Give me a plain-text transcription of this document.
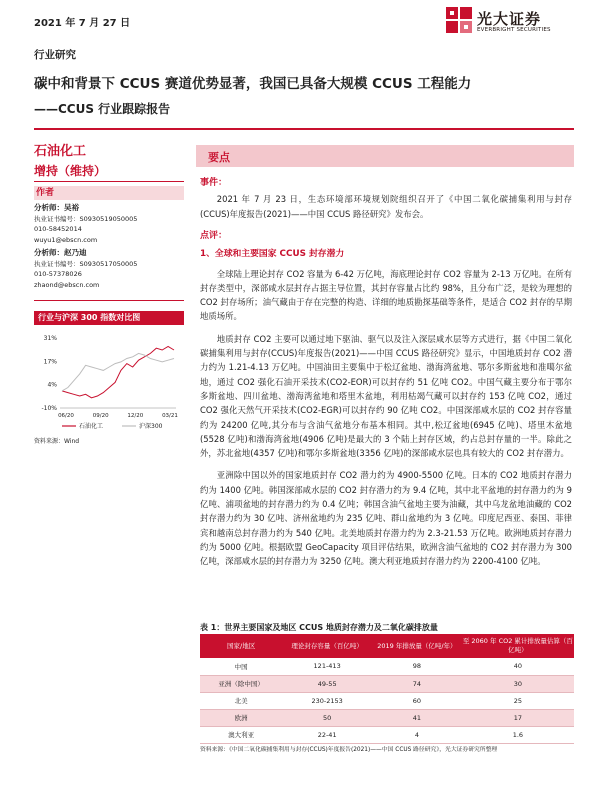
2021 年 7 月 27 日	光大证券
EVERBRIGHT SECURITIES
行业研究
碳中和背景下 CCUS 赛道优势显著，我国已具备大规模 CCUS 工程能力
——CCUS 行业跟踪报告
石油化工
增持（维持）
作者
分析师：吴裕
执业证书编号：S0930519050005
010-58452014
wuyu1@ebscn.com
分析师：赵乃迪
执业证书编号：S0930517050005
010-57378026
zhaond@ebscn.com
行业与沪深 300 指数对比图
-10%
4%
17%
31%
06/20	09/20	12/20	03/21
石油化工	沪深300
资料来源：Wind
要点
事件：

2021 年 7 月 23 日，生态环境部环境规划院组织召开了《中国二氧化碳捕集利用与封存(CCUS)年度报告(2021)——中国 CCUS 路径研究》发布会。

点评：
1、全球和主要国家 CCUS 封存潜力

全球陆上理论封存 CO2 容量为 6-42 万亿吨，海底理论封存 CO2 容量为 2-13 万亿吨。在所有封存类型中，深部咸水层封存占据主导位置，其封存容量占比约 98%，且分布广泛，是较为理想的 CO2 封存场所；油气藏由于存在完整的构造、详细的地质勘探基础等条件，是适合 CO2 封存的早期地质场所。

地质封存 CO2 主要可以通过地下驱油、驱气以及注入深层咸水层等方式进行，据《中国二氧化碳捕集利用与封存(CCUS)年度报告(2021)——中国 CCUS 路径研究》显示，中国地质封存 CO2 潜力约为 1.21-4.13 万亿吨。中国油田主要集中于松辽盆地、渤海湾盆地、鄂尔多斯盆地和准噶尔盆地，通过 CO2 强化石油开采技术(CO2-EOR)可以封存约 51 亿吨 CO2。中国气藏主要分布于鄂尔多斯盆地、四川盆地、渤海湾盆地和塔里木盆地，利用枯竭气藏可以封存约 153 亿吨 CO2，通过 CO2 强化天然气开采技术(CO2-EGR)可以封存约 90 亿吨 CO2。中国深部咸水层的 CO2 封存容量约为 24200 亿吨,其分布与含油气盆地分布基本相同。其中,松辽盆地(6945 亿吨)、塔里木盆地(5528 亿吨)和渤海湾盆地(4906 亿吨)是最大的 3 个陆上封存区域，约占总封存量的一半。除此之外，苏北盆地(4357 亿吨)和鄂尔多斯盆地(3356 亿吨)的深部咸水层也具有较大的 CO2 封存潜力。

亚洲除中国以外的国家地质封存 CO2 潜力约为 4900-5500 亿吨。日本的 CO2 地质封存潜力约为 1400 亿吨。韩国深部咸水层的 CO2 封存潜力约为 9.4 亿吨，其中北平盆地的封存潜力约为 9 亿吨、浦项盆地的封存潜力约为 0.4 亿吨；韩国含油气盆地主要为油藏，其中乌龙盆地油藏的 CO2 封存潜力约为 30 亿吨、济州盆地约为 235 亿吨、群山盆地约为 3 亿吨。印度尼西亚、泰国、菲律宾和越南总封存潜力约为 540 亿吨。北美地质封存潜力约为 2.3-21.53 万亿吨。欧洲地质封存潜力约为 5000 亿吨。根据欧盟 GeoCapacity 项目评估结果，欧洲含油气盆地的 CO2 封存潜力为 300 亿吨，深部咸水层的封存潜力为 3250 亿吨。澳大利亚地质封存潜力约为 2200-4100 亿吨。

表 1：世界主要国家及地区 CCUS 地质封存潜力及二氧化碳排放量
国家/地区	理论封存容量（百亿吨）	2019 年排放量（亿吨/年）	至 2060 年 CO2 累计排放量估算（百亿吨）
中国	121-413	98	40
亚洲（除中国）	49-55	74	30
北美	230-2153	60	25
欧洲	50	41	17
澳大利亚	22-41	4	1.6
资料来源：《中国二氧化碳捕集利用与封存(CCUS)年度报告(2021)——中国 CCUS 路径研究》，光大证券研究所整理
